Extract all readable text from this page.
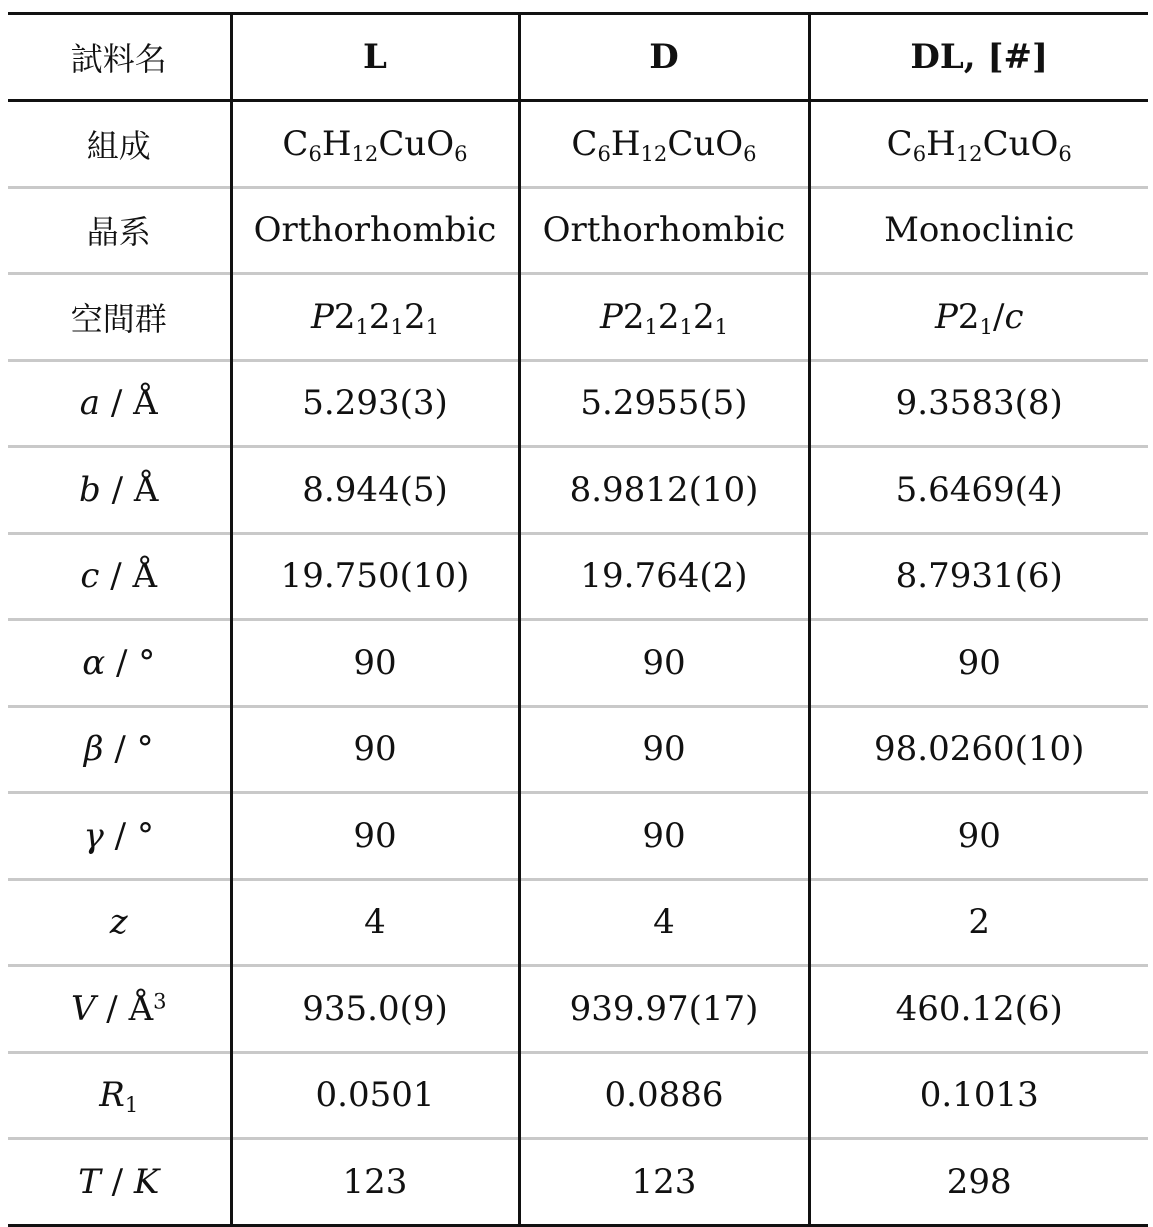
試料名	L	D	DL, [#]
組成	$C_6H_{12}CuO_6$	$C_6H_{12}CuO_6$	$C_6H_{12}CuO_6$
晶系	Orthorhombic	Orthorhombic	Monoclinic
空間群	$P2_12_12_1$	$P2_12_12_1$	$P2_1/c$
a / Å	5.293(3)	5.2955(5)	9.3583(8)
b / Å	8.944(5)	8.9812(10)	5.6469(4)
c / Å	19.750(10)	19.764(2)	8.7931(6)
α / °	90	90	90
β / °	90	90	98.0260(10)
γ / °	90	90	90
z	4	4	2
V / $Å^3$	935.0(9)	939.97(17)	460.12(6)
$R_1$	0.0501	0.0886	0.1013
T / K	123	123	298
